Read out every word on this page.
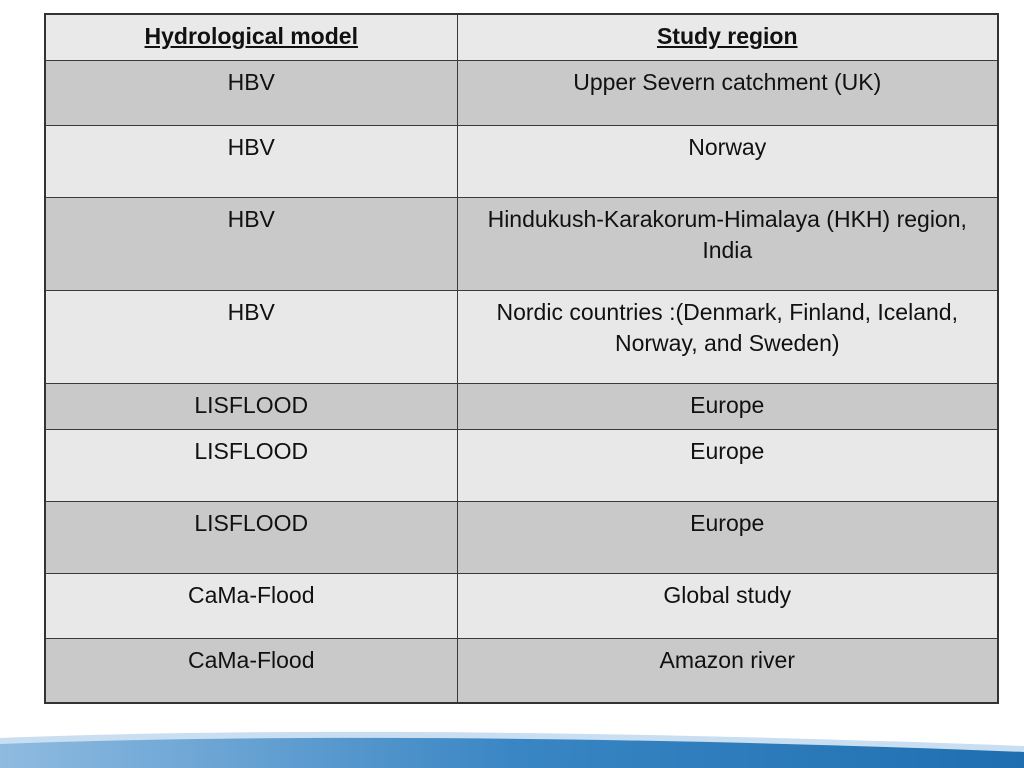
Hydrological model	Study region
HBV	Upper Severn catchment (UK)
HBV	Norway
HBV	Hindukush-Karakorum-Himalaya (HKH) region, India
HBV	Nordic countries :(Denmark, Finland, Iceland, Norway, and Sweden)
LISFLOOD	Europe
LISFLOOD	Europe
LISFLOOD	Europe
CaMa-Flood	Global study
CaMa-Flood	Amazon river
